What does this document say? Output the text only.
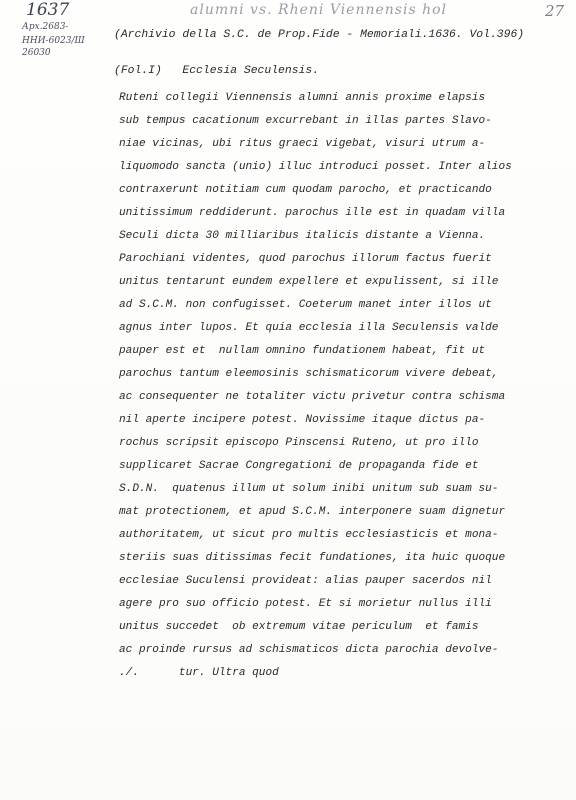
1637	alumni vs. Rheni Viennensis hol	27
Арх.2683-
ННИ-6023/Ш
26030
(Archivio della S.C. de Prop.Fide - Memoriali.1636. Vol.396)
(Fol.I)   Ecclesia Seculensis.
Ruteni collegii Viennensis alumni annis proxime elapsis
sub tempus cacationum excurrebant in illas partes Slavo-
niae vicinas, ubi ritus graeci vigebat, visuri utrum a-
liquomodo sancta (unio) illuc introduci posset. Inter alios
contraxerunt notitiam cum quodam parocho, et practicando
unitissimum reddiderunt. parochus ille est in quadam villa
Seculi dicta 30 milliaribus italicis distante a Vienna.
Parochiani videntes, quod parochus illorum factus fuerit
unitus tentarunt eundem expellere et expulissent, si ille
ad S.C.M. non confugisset. Coeterum manet inter illos ut
agnus inter lupos. Et quia ecclesia illa Seculensis valde
pauper est et  nullam omnino fundationem habeat, fit ut
parochus tantum eleemosinis schismaticorum vivere debeat,
ac consequenter ne totaliter victu privetur contra schisma
nil aperte incipere potest. Novissime itaque dictus pa-
rochus scripsit episcopo Pinscensi Ruteno, ut pro illo
supplicaret Sacrae Congregationi de propaganda fide et
S.D.N.  quatenus illum ut solum inibi unitum sub suam su-
mat protectionem, et apud S.C.M. interponere suam dignetur
authoritatem, ut sicut pro multis ecclesiasticis et mona-
steriis suas ditissimas fecit fundationes, ita huic quoque
ecclesiae Suculensi provideat: alias pauper sacerdos nil
agere pro suo officio potest. Et si morietur nullus illi
unitus succedet  ob extremum vitae periculum  et famis
ac proinde rursus ad schismaticos dicta parochia devolve-
./.      tur. Ultra quod
